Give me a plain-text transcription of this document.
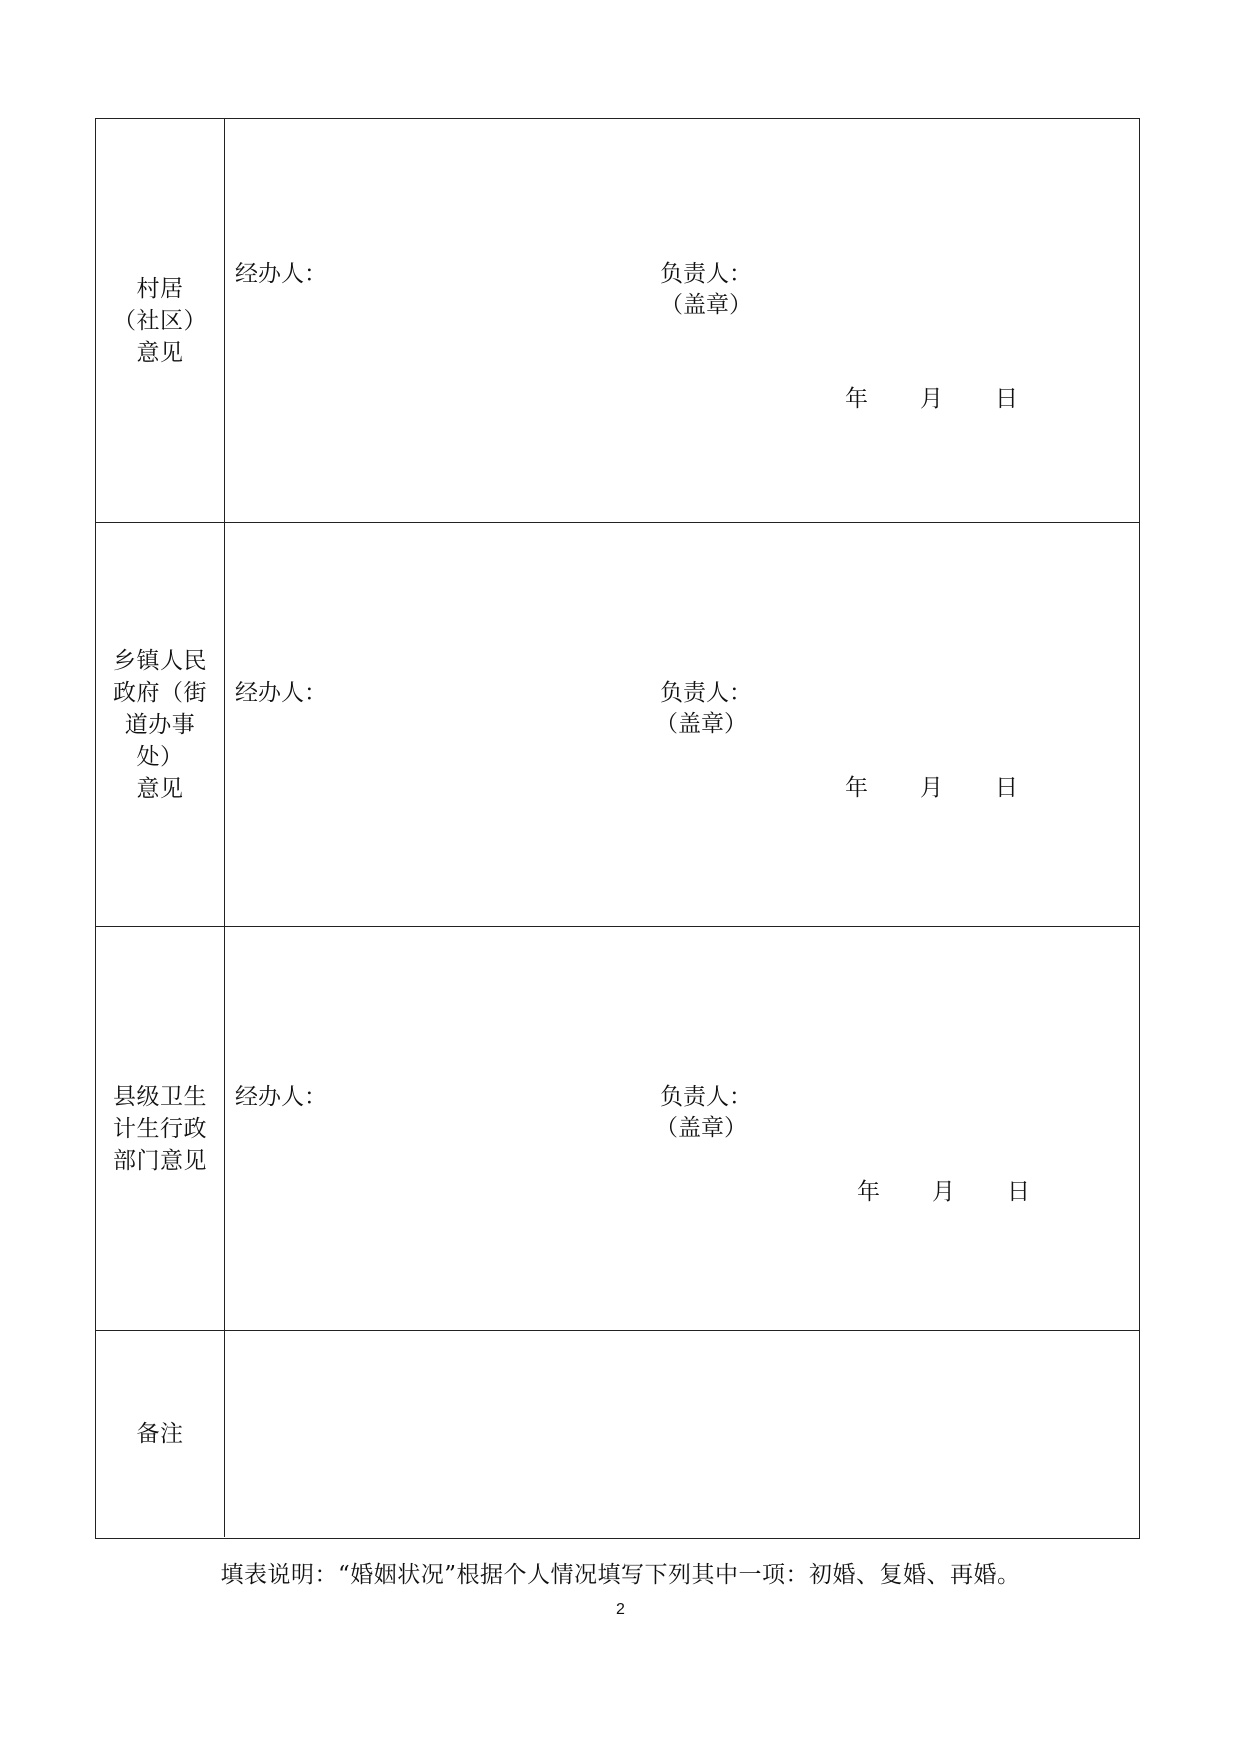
村居
（社区）
意见
经办人：	负责人：
（盖章）
年 月 日
乡镇人民
政府（街
道办事处）
意见
经办人：	负责人：
（盖章）
年 月 日
县级卫生
计生行政
部门意见
经办人：	负责人：
（盖章）
年 月 日
备注
填表说明：“婚姻状况”根据个人情况填写下列其中一项：初婚、复婚、再婚。
2
